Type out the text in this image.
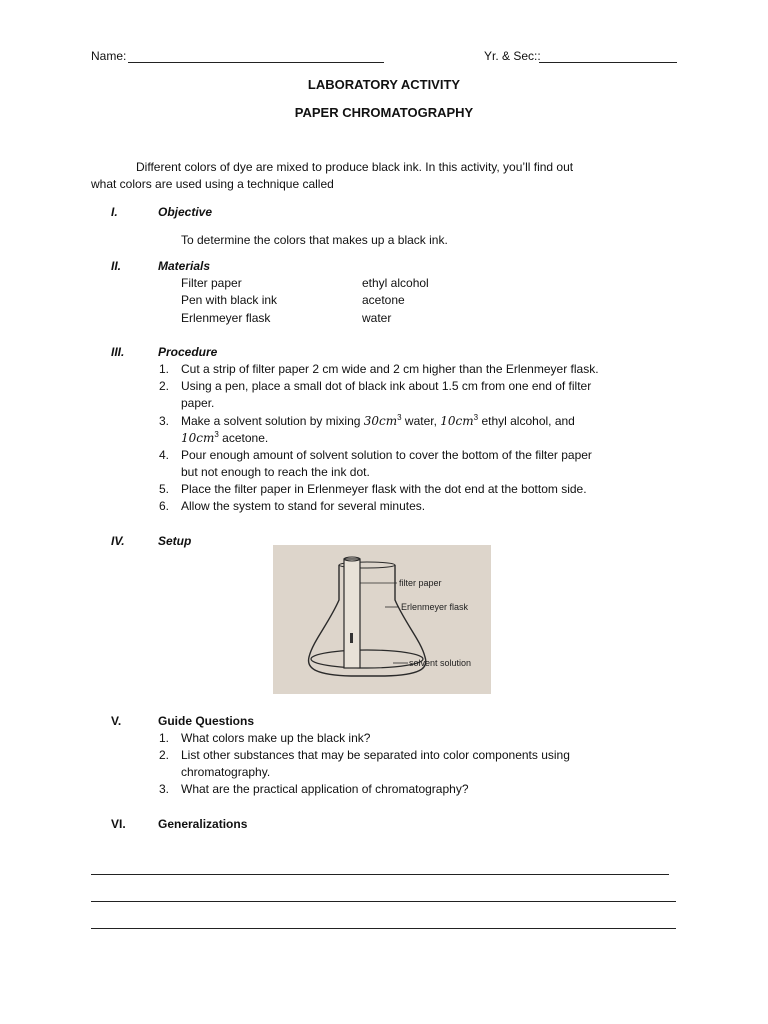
Name:	Yr. & Sec::
LABORATORY ACTIVITY
PAPER CHROMATOGRAPHY
Different colors of dye are mixed to produce black ink. In this activity, you’ll find out
what colors are used using a technique called
I.	Objective
To determine the colors that makes up a black ink.
II.	Materials
Filter paper	ethyl alcohol
Pen with black ink	acetone
Erlenmeyer flask	water
III.	Procedure
1. Cut a strip of filter paper 2 cm wide and 2 cm higher than the Erlenmeyer flask.
2. Using a pen, place a small dot of black ink about 1.5 cm from one end of filter
paper.
3. Make a solvent solution by mixing $30cm^3$ water, $10cm^3$ ethyl alcohol, and
$10cm^3$ acetone.
4. Pour enough amount of solvent solution to cover the bottom of the filter paper
but not enough to reach the ink dot.
5. Place the filter paper in Erlenmeyer flask with the dot end at the bottom side.
6. Allow the system to stand for several minutes.
IV.	Setup
filter paper
Erlenmeyer flask
solvent solution
V.	Guide Questions
1. What colors make up the black ink?
2. List other substances that may be separated into color components using
chromatography.
3. What are the practical application of chromatography?
VI.	Generalizations
